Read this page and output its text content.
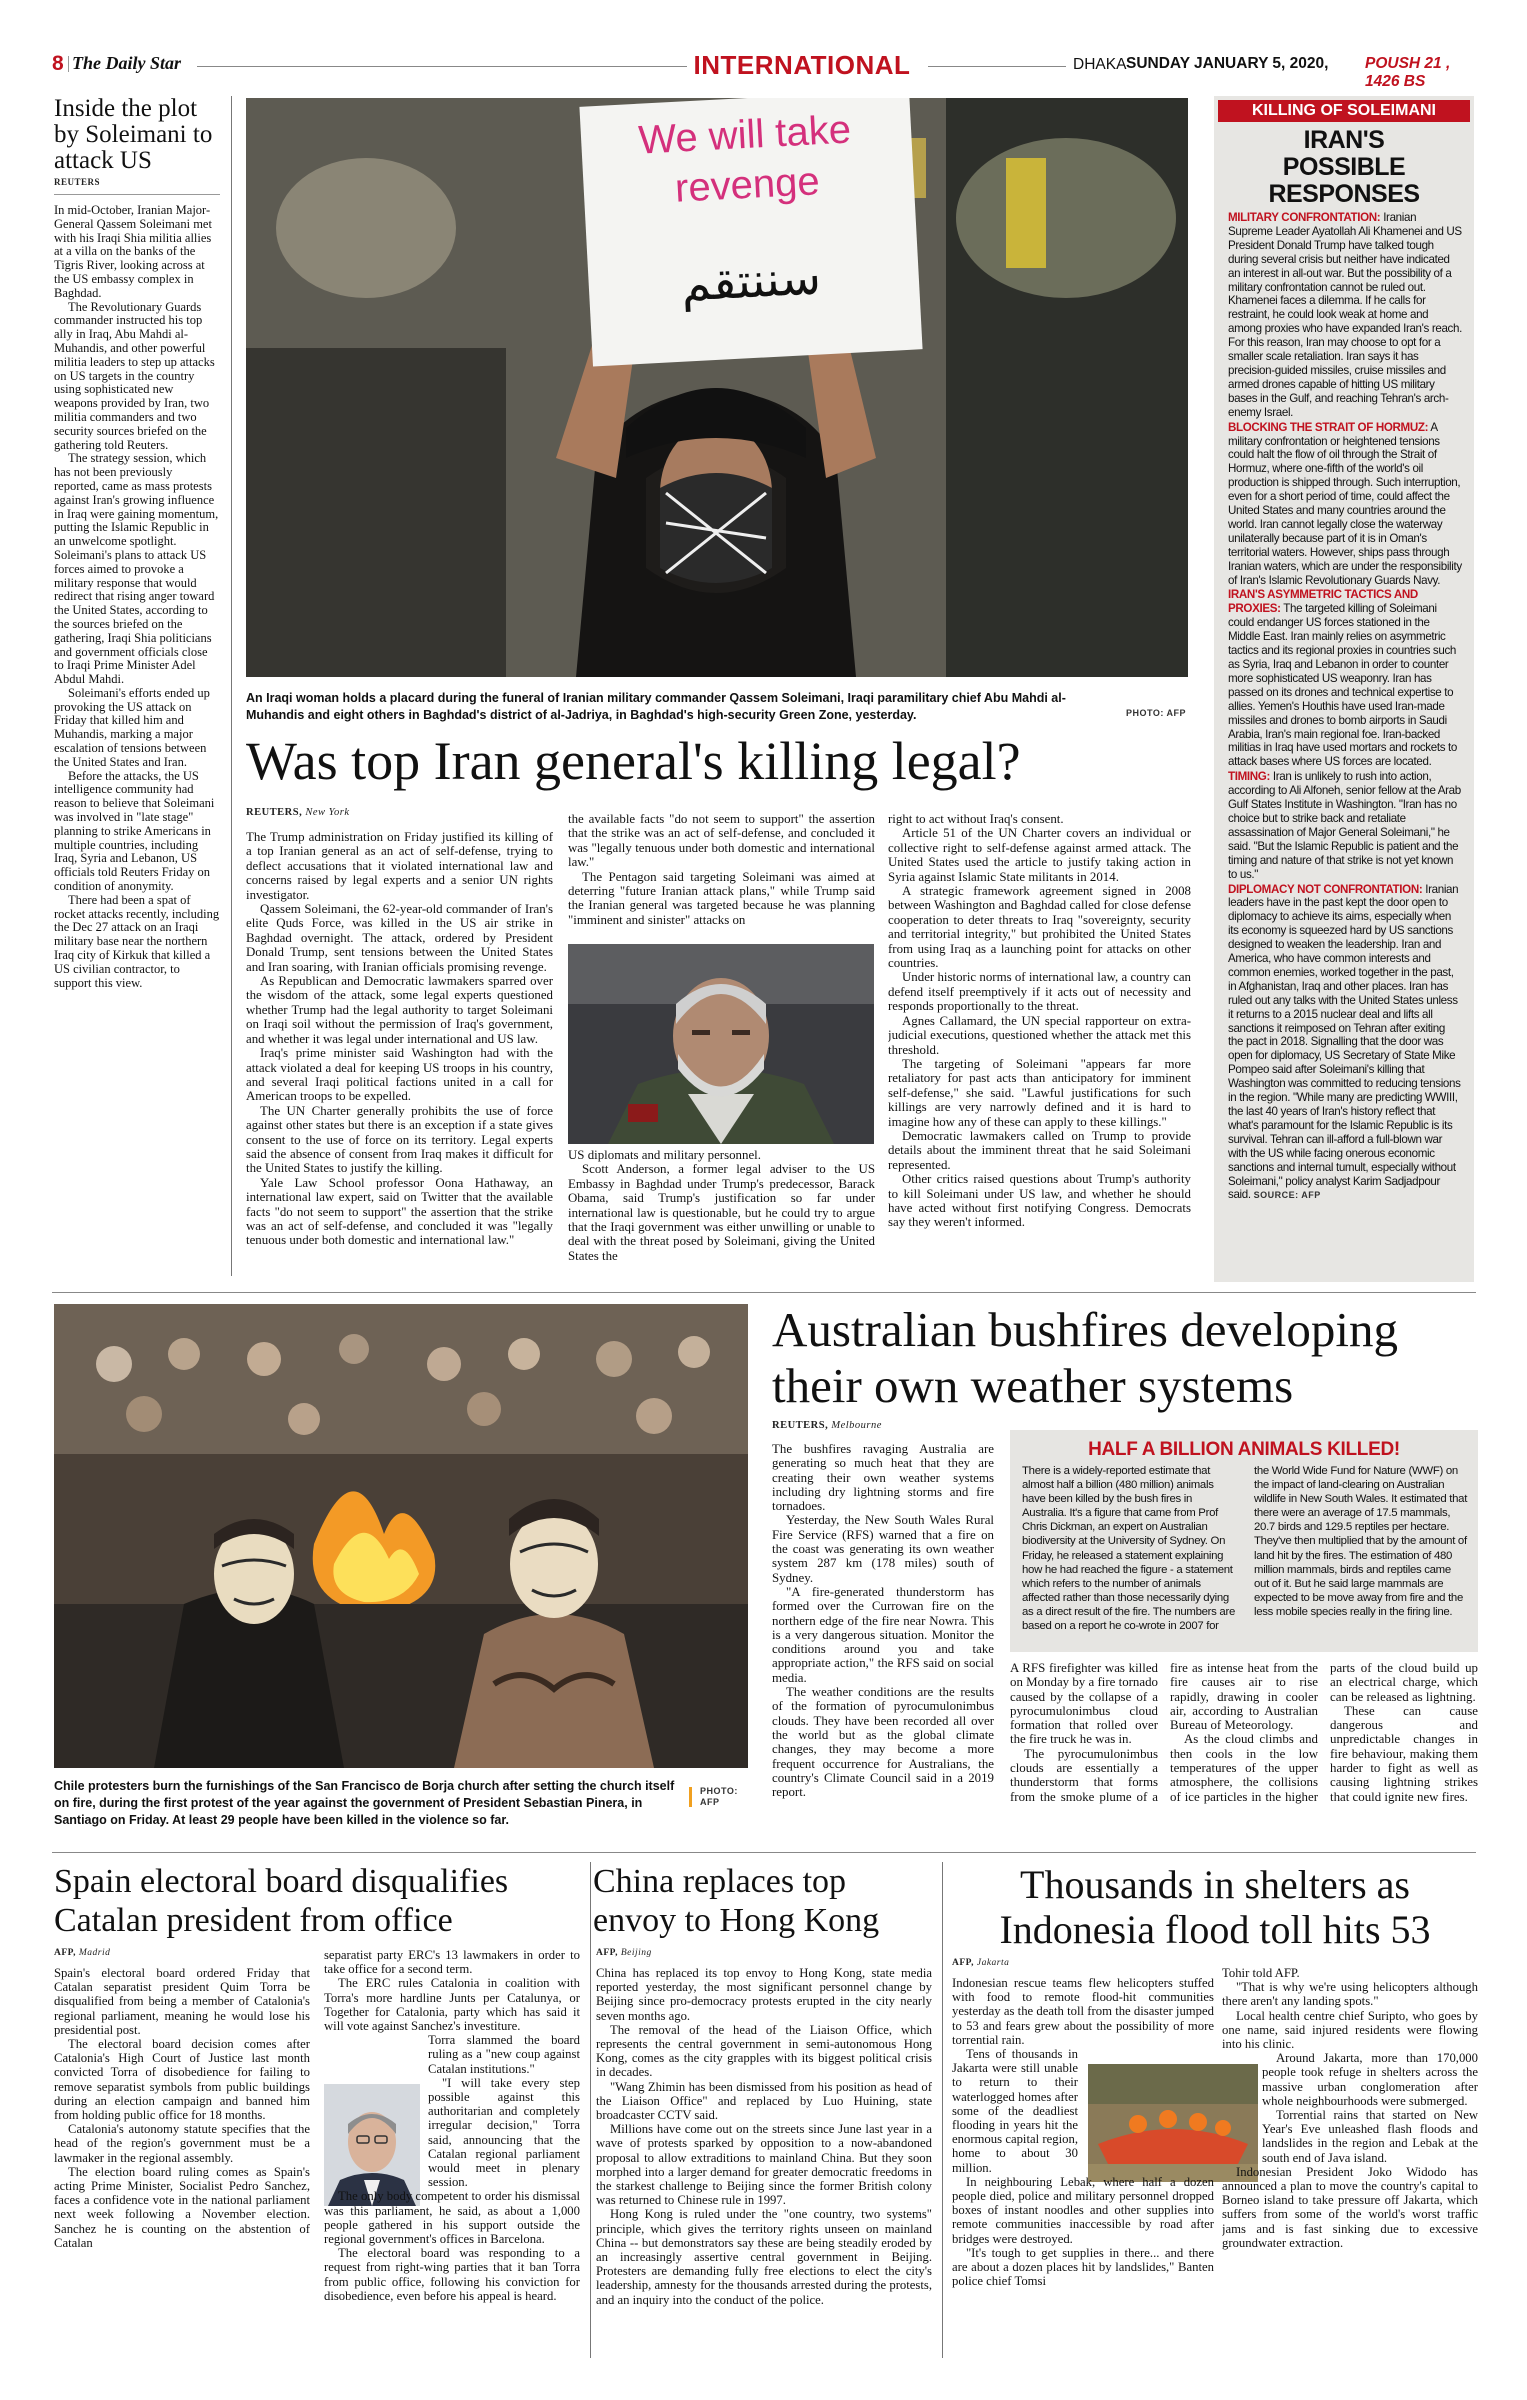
8 The Daily Star	INTERNATIONAL	DHAKA SUNDAY JANUARY 5, 2020, POUSH 21 , 1426 BS
Inside the plot by Soleimani to attack US
REUTERS

In mid-October, Iranian Major-General Qassem Soleimani met with his Iraqi Shia militia allies at a villa on the banks of the Tigris River, looking across at the US embassy complex in Baghdad.

The Revolutionary Guards commander instructed his top ally in Iraq, Abu Mahdi al-Muhandis, and other powerful militia leaders to step up attacks on US targets in the country using sophisticated new weapons provided by Iran, two militia commanders and two security sources briefed on the gathering told Reuters.

The strategy session, which has not been previously reported, came as mass protests against Iran's growing influence in Iraq were gaining momentum, putting the Islamic Republic in an unwelcome spotlight. Soleimani's plans to attack US forces aimed to provoke a military response that would redirect that rising anger toward the United States, according to the sources briefed on the gathering, Iraqi Shia politicians and government officials close to Iraqi Prime Minister Adel Abdul Mahdi.

Soleimani's efforts ended up provoking the US attack on Friday that killed him and Muhandis, marking a major escalation of tensions between the United States and Iran.

Before the attacks, the US intelligence community had reason to believe that Soleimani was involved in "late stage" planning to strike Americans in multiple countries, including Iraq, Syria and Lebanon, US officials told Reuters Friday on condition of anonymity.

There had been a spat of rocket attacks recently, including the Dec 27 attack on an Iraqi military base near the northern Iraq city of Kirkuk that killed a US civilian contractor, to support this view.

We will take revenge
سننتقم
An Iraqi woman holds a placard during the funeral of Iranian military commander Qassem Soleimani, Iraqi paramilitary chief Abu Mahdi al-Muhandis and eight others in Baghdad's district of al-Jadriya, in Baghdad's high-security Green Zone, yesterday.	PHOTO: AFP
Was top Iran general's killing legal?
REUTERS, New York

The Trump administration on Friday justified its killing of a top Iranian general as an act of self-defense, trying to deflect accusations that it violated international law and concerns raised by legal experts and a senior UN rights investigator.

Qassem Soleimani, the 62-year-old commander of Iran's elite Quds Force, was killed in the US air strike in Baghdad overnight. The attack, ordered by President Donald Trump, sent tensions between the United States and Iran soaring, with Iranian officials promising revenge.

As Republican and Democratic lawmakers sparred over the wisdom of the attack, some legal experts questioned whether Trump had the legal authority to target Soleimani on Iraqi soil without the permission of Iraq's government, and whether it was legal under international and US law.

Iraq's prime minister said Washington had with the attack violated a deal for keeping US troops in his country, and several Iraqi political factions united in a call for American troops to be expelled.

The UN Charter generally prohibits the use of force against other states but there is an exception if a state gives consent to the use of force on its territory. Legal experts said the absence of consent from Iraq makes it difficult for the United States to justify the killing.

Yale Law School professor Oona Hathaway, an international law expert, said on Twitter that the available facts "do not seem to support" the assertion that the strike was an act of self-defense, and concluded it was "legally tenuous under both domestic and international law."

the available facts "do not seem to support" the assertion that the strike was an act of self-defense, and concluded it was "legally tenuous under both domestic and international law."

The Pentagon said targeting Soleimani was aimed at deterring "future Iranian attack plans," while Trump said the Iranian general was targeted because he was planning "imminent and sinister" attacks on

US diplomats and military personnel.

Scott Anderson, a former legal adviser to the US Embassy in Baghdad under Trump's predecessor, Barack Obama, said Trump's justification so far under international law is questionable, but he could try to argue that the Iraqi government was either unwilling or unable to deal with the threat posed by Soleimani, giving the United States the

right to act without Iraq's consent.

Article 51 of the UN Charter covers an individual or collective right to self-defense against armed attack. The United States used the article to justify taking action in Syria against Islamic State militants in 2014.

A strategic framework agreement signed in 2008 between Washington and Baghdad called for close defense cooperation to deter threats to Iraq "sovereignty, security and territorial integrity," but prohibited the United States from using Iraq as a launching point for attacks on other countries.

Under historic norms of international law, a country can defend itself preemptively if it acts out of necessity and responds proportionally to the threat.

Agnes Callamard, the UN special rapporteur on extra-judicial executions, questioned whether the attack met this threshold.

The targeting of Soleimani "appears far more retaliatory for past acts than anticipatory for imminent self-defense," she said. "Lawful justifications for such killings are very narrowly defined and it is hard to imagine how any of these can apply to these killings."

Democratic lawmakers called on Trump to provide details about the imminent threat that he said Soleimani represented.

Other critics raised questions about Trump's authority to kill Soleimani under US law, and whether he should have acted without first notifying Congress. Democrats say they weren't informed.

KILLING OF SOLEIMANI
IRAN'S POSSIBLE RESPONSES

MILITARY CONFRONTATION: Iranian Supreme Leader Ayatollah Ali Khamenei and US President Donald Trump have talked tough during several crisis but neither have indicated an interest in all-out war. But the possibility of a military confrontation cannot be ruled out. Khamenei faces a dilemma. If he calls for restraint, he could look weak at home and among proxies who have expanded Iran's reach. For this reason, Iran may choose to opt for a smaller scale retaliation. Iran says it has precision-guided missiles, cruise missiles and armed drones capable of hitting US military bases in the Gulf, and reaching Tehran's arch-enemy Israel.

BLOCKING THE STRAIT OF HORMUZ: A military confrontation or heightened tensions could halt the flow of oil through the Strait of Hormuz, where one-fifth of the world's oil production is shipped through. Such interruption, even for a short period of time, could affect the United States and many countries around the world. Iran cannot legally close the waterway unilaterally because part of it is in Oman's territorial waters. However, ships pass through Iranian waters, which are under the responsibility of Iran's Islamic Revolutionary Guards Navy.

IRAN'S ASYMMETRIC TACTICS AND PROXIES: The targeted killing of Soleimani could endanger US forces stationed in the Middle East. Iran mainly relies on asymmetric tactics and its regional proxies in countries such as Syria, Iraq and Lebanon in order to counter more sophisticated US weaponry. Iran has passed on its drones and technical expertise to allies. Yemen's Houthis have used Iran-made missiles and drones to bomb airports in Saudi Arabia, Iran's main regional foe. Iran-backed militias in Iraq have used mortars and rockets to attack bases where US forces are located.

TIMING: Iran is unlikely to rush into action, according to Ali Alfoneh, senior fellow at the Arab Gulf States Institute in Washington. "Iran has no choice but to strike back and retaliate assassination of Major General Soleimani," he said. "But the Islamic Republic is patient and the timing and nature of that strike is not yet known to us."

DIPLOMACY NOT CONFRONTATION: Iranian leaders have in the past kept the door open to diplomacy to achieve its aims, especially when its economy is squeezed hard by US sanctions designed to weaken the leadership. Iran and America, who have common interests and common enemies, worked together in the past, in Afghanistan, Iraq and other places. Iran has ruled out any talks with the United States unless it returns to a 2015 nuclear deal and lifts all sanctions it reimposed on Tehran after exiting the pact in 2018. Signalling that the door was open for diplomacy, US Secretary of State Mike Pompeo said after Soleimani's killing that Washington was committed to reducing tensions in the region. "While many are predicting WWIII, the last 40 years of Iran's history reflect that what's paramount for the Islamic Republic is its survival. Tehran can ill-afford a full-blown war with the US while facing onerous economic sanctions and internal tumult, especially without Soleimani," policy analyst Karim Sadjadpour said. SOURCE: AFP

Chile protesters burn the furnishings of the San Francisco de Borja church after setting the church itself on fire, during the first protest of the year against the government of President Sebastian Pinera, in Santiago on Friday. At least 29 people have been killed in the violence so far.
PHOTO: AFP
Australian bushfires developing their own weather systems
REUTERS, Melbourne

The bushfires ravaging Australia are generating so much heat that they are creating their own weather systems including dry lightning storms and fire tornadoes.

Yesterday, the New South Wales Rural Fire Service (RFS) warned that a fire on the coast was generating its own weather system 287 km (178 miles) south of Sydney.

"A fire-generated thunderstorm has formed over the Currowan fire on the northern edge of the fire near Nowra. This is a very dangerous situation. Monitor the conditions around you and take appropriate action," the RFS said on social media.

The weather conditions are the results of the formation of pyrocumulonimbus clouds. They have been recorded all over the world but as the global climate changes, they may become a more frequent occurrence for Australians, the country's Climate Council said in a 2019 report.

HALF A BILLION ANIMALS KILLED!
There is a widely-reported estimate that almost half a billion (480 million) animals have been killed by the bush fires in Australia. It's a figure that came from Prof Chris Dickman, an expert on Australian biodiversity at the University of Sydney. On Friday, he released a statement explaining how he had reached the figure - a statement which refers to the number of animals affected rather than those necessarily dying as a direct result of the fire. The numbers are based on a report he co-wrote in 2007 for the World Wide Fund for Nature (WWF) on the impact of land-clearing on Australian wildlife in New South Wales. It estimated that there were an average of 17.5 mammals, 20.7 birds and 129.5 reptiles per hectare. They've then multiplied that by the amount of land hit by the fires. The estimation of 480 million mammals, birds and reptiles came out of it. But he said large mammals are expected to be move away from fire and the less mobile species really in the firing line.

A RFS firefighter was killed on Monday by a fire tornado caused by the collapse of a pyrocumulonimbus cloud formation that rolled over the fire truck he was in.

The pyrocumulonimbus clouds are essentially a thunderstorm that forms from the smoke plume of a fire as intense heat from the fire causes air to rise rapidly, drawing in cooler air, according to Australian Bureau of Meteorology.

As the cloud climbs and then cools in the low temperatures of the upper atmosphere, the collisions of ice particles in the higher parts of the cloud build up an electrical charge, which can be released as lightning.

These can cause dangerous and unpredictable changes in fire behaviour, making them harder to fight as well as causing lightning strikes that could ignite new fires.

Spain electoral board disqualifies Catalan president from office
AFP, Madrid

Spain's electoral board ordered Friday that Catalan separatist president Quim Torra be disqualified from being a member of Catalonia's regional parliament, meaning he would lose his presidential post.

The electoral board decision comes after Catalonia's High Court of Justice last month convicted Torra of disobedience for failing to remove separatist symbols from public buildings during an election campaign and banned him from holding public office for 18 months.

Catalonia's autonomy statute specifies that the head of the region's government must be a lawmaker in the regional assembly.

The election board ruling comes as Spain's acting Prime Minister, Socialist Pedro Sanchez, faces a confidence vote in the national parliament next week following a November election. Sanchez he is counting on the abstention of Catalan

separatist party ERC's 13 lawmakers in order to take office for a second term.

The ERC rules Catalonia in coalition with Torra's more hardline Junts per Catalunya, or Together for Catalonia, party which has said it will vote against Sanchez's investiture.

Torra slammed the board ruling as a "new coup against Catalan institutions."

"I will take every step possible against this authoritarian and completely irregular decision," Torra said, announcing that the Catalan regional parliament would meet in plenary session.

The only body competent to order his dismissal was this parliament, he said, as about a 1,000 people gathered in his support outside the regional government's offices in Barcelona.

The electoral board was responding to a request from right-wing parties that it ban Torra from public office, following his conviction for disobedience, even before his appeal is heard.

China replaces top envoy to Hong Kong
AFP, Beijing

China has replaced its top envoy to Hong Kong, state media reported yesterday, the most significant personnel change by Beijing since pro-democracy protests erupted in the city nearly seven months ago.

The removal of the head of the Liaison Office, which represents the central government in semi-autonomous Hong Kong, comes as the city grapples with its biggest political crisis in decades.

"Wang Zhimin has been dismissed from his position as head of the Liaison Office" and replaced by Luo Huining, state broadcaster CCTV said.

Millions have come out on the streets since June last year in a wave of protests sparked by opposition to a now-abandoned proposal to allow extraditions to mainland China. But they soon morphed into a larger demand for greater democratic freedoms in the starkest challenge to Beijing since the former British colony was returned to Chinese rule in 1997.

Hong Kong is ruled under the "one country, two systems" principle, which gives the territory rights unseen on mainland China -- but demonstrators say these are being steadily eroded by an increasingly assertive central government in Beijing. Protesters are demanding fully free elections to elect the city's leadership, amnesty for the thousands arrested during the protests, and an inquiry into the conduct of the police.

Thousands in shelters as Indonesia flood toll hits 53
AFP, Jakarta

Indonesian rescue teams flew helicopters stuffed with food to remote flood-hit communities yesterday as the death toll from the disaster jumped to 53 and fears grew about the possibility of more torrential rain.

Tens of thousands in Jakarta were still unable to return to their waterlogged homes after some of the deadliest flooding in years hit the enormous capital region, home to about 30 million.

In neighbouring Lebak, where half a dozen people died, police and military personnel dropped boxes of instant noodles and other supplies into remote communities inaccessible by road after bridges were destroyed.

"It's tough to get supplies in there... and there are about a dozen places hit by landslides," Banten police chief Tomsi

Tohir told AFP.

"That is why we're using helicopters although there aren't any landing spots."

Local health centre chief Suripto, who goes by one name, said injured residents were flowing into his clinic.

Around Jakarta, more than 170,000 people took refuge in shelters across the massive urban conglomeration after whole neighbourhoods were submerged.

Torrential rains that started on New Year's Eve unleashed flash floods and landslides in the region and Lebak at the south end of Java island.

Indonesian President Joko Widodo has announced a plan to move the country's capital to Borneo island to take pressure off Jakarta, which suffers from some of the world's worst traffic jams and is fast sinking due to excessive groundwater extraction.
